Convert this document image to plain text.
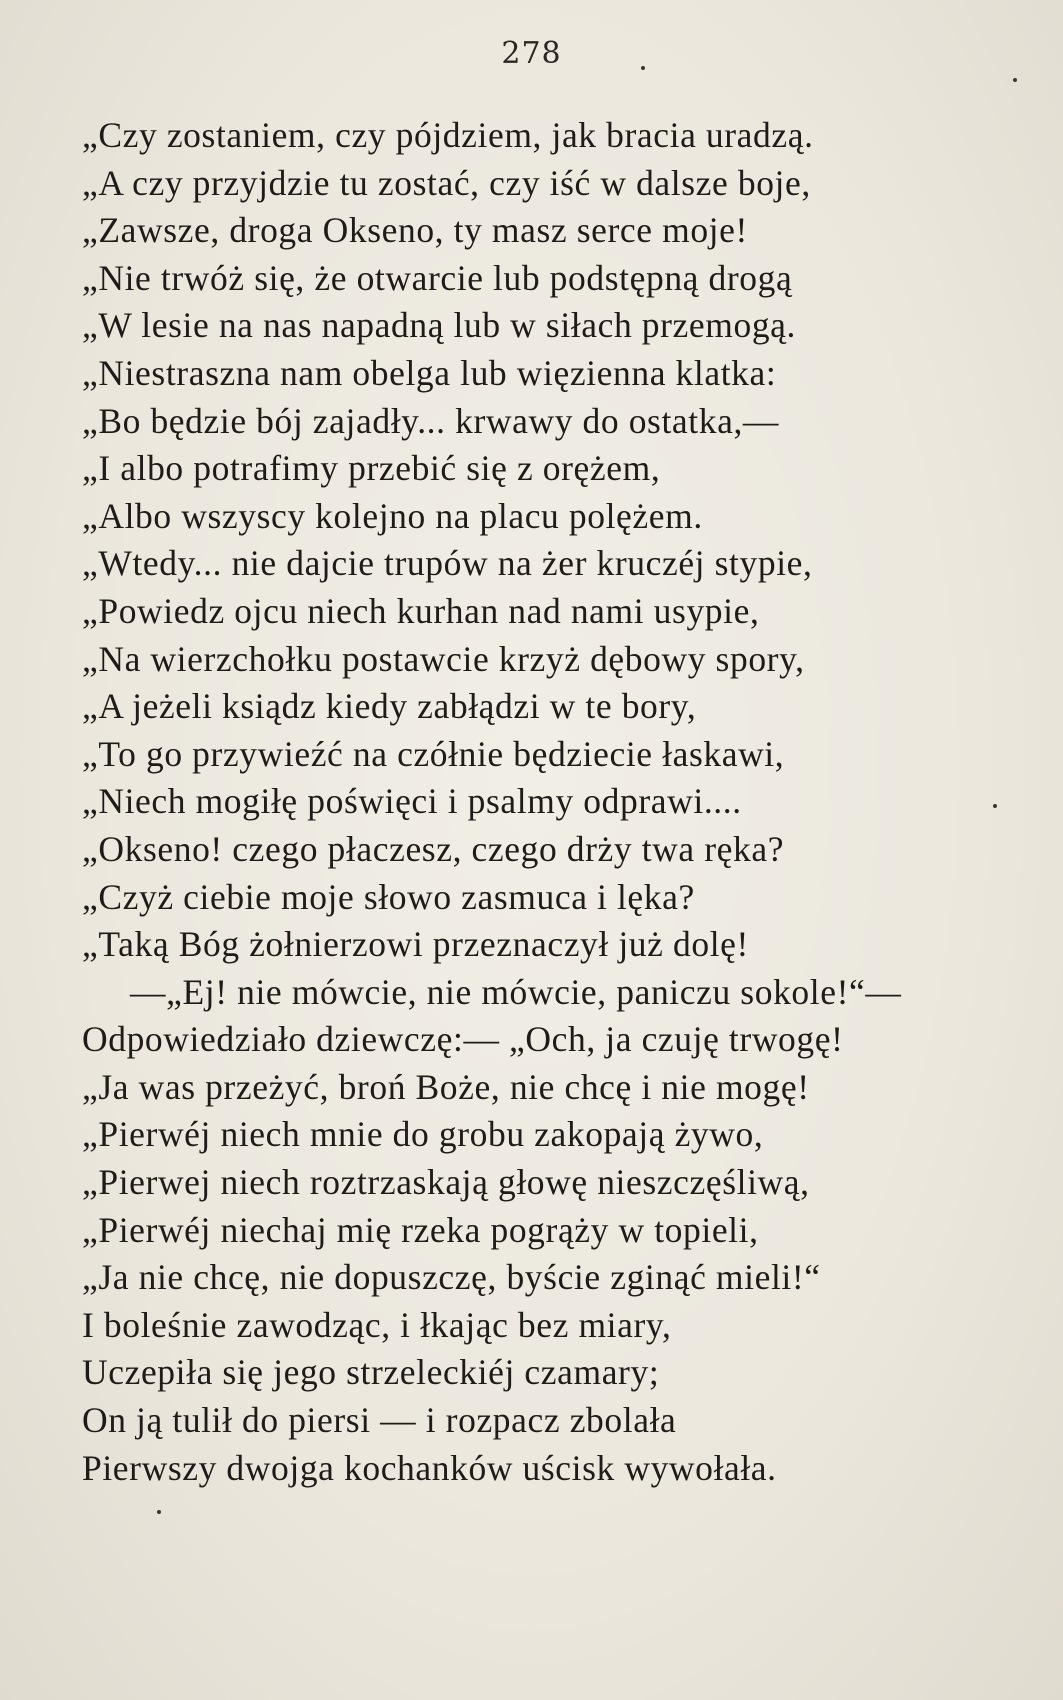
278
„Czy zostaniem, czy pójdziem, jak bracia uradzą.
„A czy przyjdzie tu zostać, czy iść w dalsze boje,
„Zawsze, droga Okseno, ty masz serce moje!
„Nie trwóż się, że otwarcie lub podstępną drogą
„W lesie na nas napadną lub w siłach przemogą.
„Niestraszna nam obelga lub więzienna klatka:
„Bo będzie bój zajadły... krwawy do ostatka,—
„I albo potrafimy przebić się z orężem,
„Albo wszyscy kolejno na placu polężem.
„Wtedy... nie dajcie trupów na żer kruczéj stypie,
„Powiedz ojcu niech kurhan nad nami usypie,
„Na wierzchołku postawcie krzyż dębowy spory,
„A jeżeli ksiądz kiedy zabłądzi w te bory,
„To go przywieźć na czółnie będziecie łaskawi,
„Niech mogiłę poświęci i psalmy odprawi....
„Okseno! czego płaczesz, czego drży twa ręka?
„Czyż ciebie moje słowo zasmuca i lęka?
„Taką Bóg żołnierzowi przeznaczył już dolę!
—„Ej! nie mówcie, nie mówcie, paniczu sokole!“—
Odpowiedziało dziewczę:— „Och, ja czuję trwogę!
„Ja was przeżyć, broń Boże, nie chcę i nie mogę!
„Pierwéj niech mnie do grobu zakopają żywo,
„Pierwej niech roztrzaskają głowę nieszczęśliwą,
„Pierwéj niechaj mię rzeka pogrąży w topieli,
„Ja nie chcę, nie dopuszczę, byście zginąć mieli!“
I boleśnie zawodząc, i łkając bez miary,
Uczepiła się jego strzeleckiéj czamary;
On ją tulił do piersi — i rozpacz zbolała
Pierwszy dwojga kochanków uścisk wywołała.
